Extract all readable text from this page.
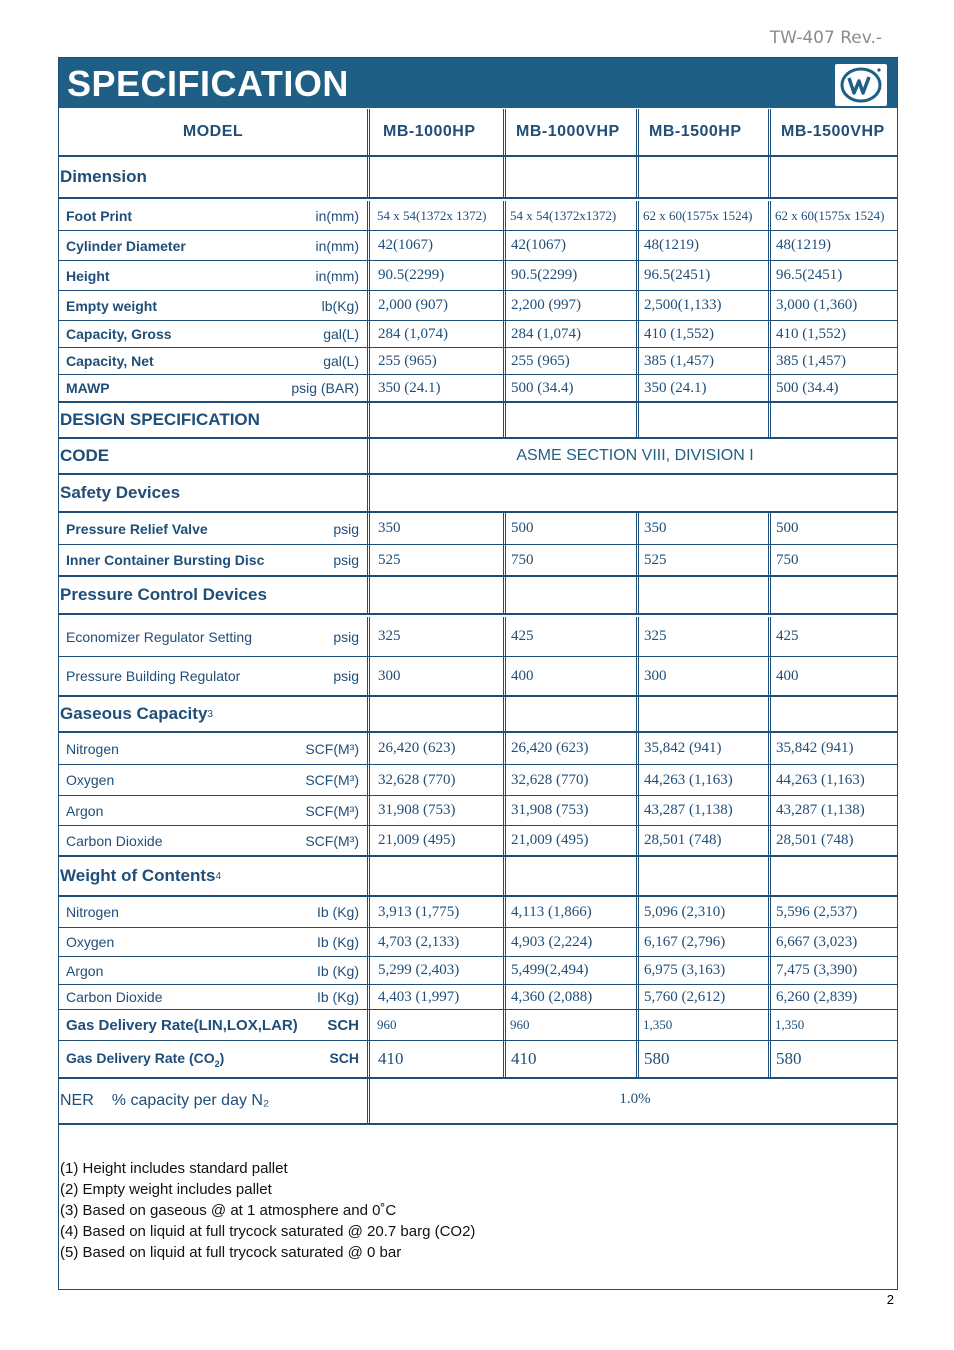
TW-407 Rev.-
SPECIFICATION
MODEL	MB-1000HP	MB-1000VHP MB-1500HP MB-1500VHP
Dimension
Foot Print	in(mm)	54 x 54(1372x 1372)	54 x 54(1372x1372)	62 x 60(1575x 1524)	62 x 60(1575x 1524)
Cylinder Diameter	in(mm)	42(1067)	42(1067)	48(1219)	48(1219)
Height	in(mm)	90.5(2299)	90.5(2299)	96.5(2451)	96.5(2451)
Empty weight	lb(Kg)	2,000 (907)	2,200 (997)	2,500(1,133)	3,000 (1,360)
Capacity, Gross	gal(L)	284 (1,074)	284 (1,074)	410 (1,552)	410 (1,552)
Capacity, Net	gal(L)	255 (965)	255 (965)	385 (1,457)	385 (1,457)
MAWP	psig (BAR)	350 (24.1)	500 (34.4)	350 (24.1)	500 (34.4)
DESIGN SPECIFICATION
CODE	ASME SECTION VIII, DIVISION I
Safety Devices
Pressure Relief Valve	psig	350	500	350	500
Inner Container Bursting Disc	psig	525	750	525	750
Pressure Control Devices
Economizer Regulator Setting	psig	325	425	325	425
Pressure Building Regulator	psig	300	400	300	400
Gaseous Capacity 3
Nitrogen	SCF(M³)	26,420 (623)	26,420 (623)	35,842 (941)	35,842 (941)
Oxygen	SCF(M³)	32,628 (770)	32,628 (770)	44,263 (1,163)	44,263 (1,163)
Argon	SCF(M³)	31,908 (753)	31,908 (753)	43,287 (1,138)	43,287 (1,138)
Carbon Dioxide	SCF(M³)	21,009 (495)	21,009 (495)	28,501 (748)	28,501 (748)
Weight of Contents 4
Nitrogen	Ib (Kg)	3,913 (1,775)	4,113 (1,866)	5,096 (2,310)	5,596 (2,537)
Oxygen	Ib (Kg)	4,703 (2,133)	4,903 (2,224)	6,167 (2,796)	6,667 (3,023)
Argon	Ib (Kg)	5,299 (2,403)	5,499(2,494)	6,975 (3,163)	7,475 (3,390)
Carbon Dioxide	Ib (Kg)	4,403 (1,997)	4,360 (2,088)	5,760 (2,612)	6,260 (2,839)
Gas Delivery Rate(LIN,LOX,LAR) SCH	960	960	1,350	1,350
Gas Delivery Rate $(CO_2)$	SCH 410	410	580	580
NER % capacity per day N₂	1.0%
(1) Height includes standard pallet
(2) Empty weight includes pallet
(3) Based on gaseous @ at 1 atmosphere and 0˚C
(4) Based on liquid at full trycock saturated @ 20.7 barg (CO2)
(5) Based on liquid at full trycock saturated @ 0 bar
2
